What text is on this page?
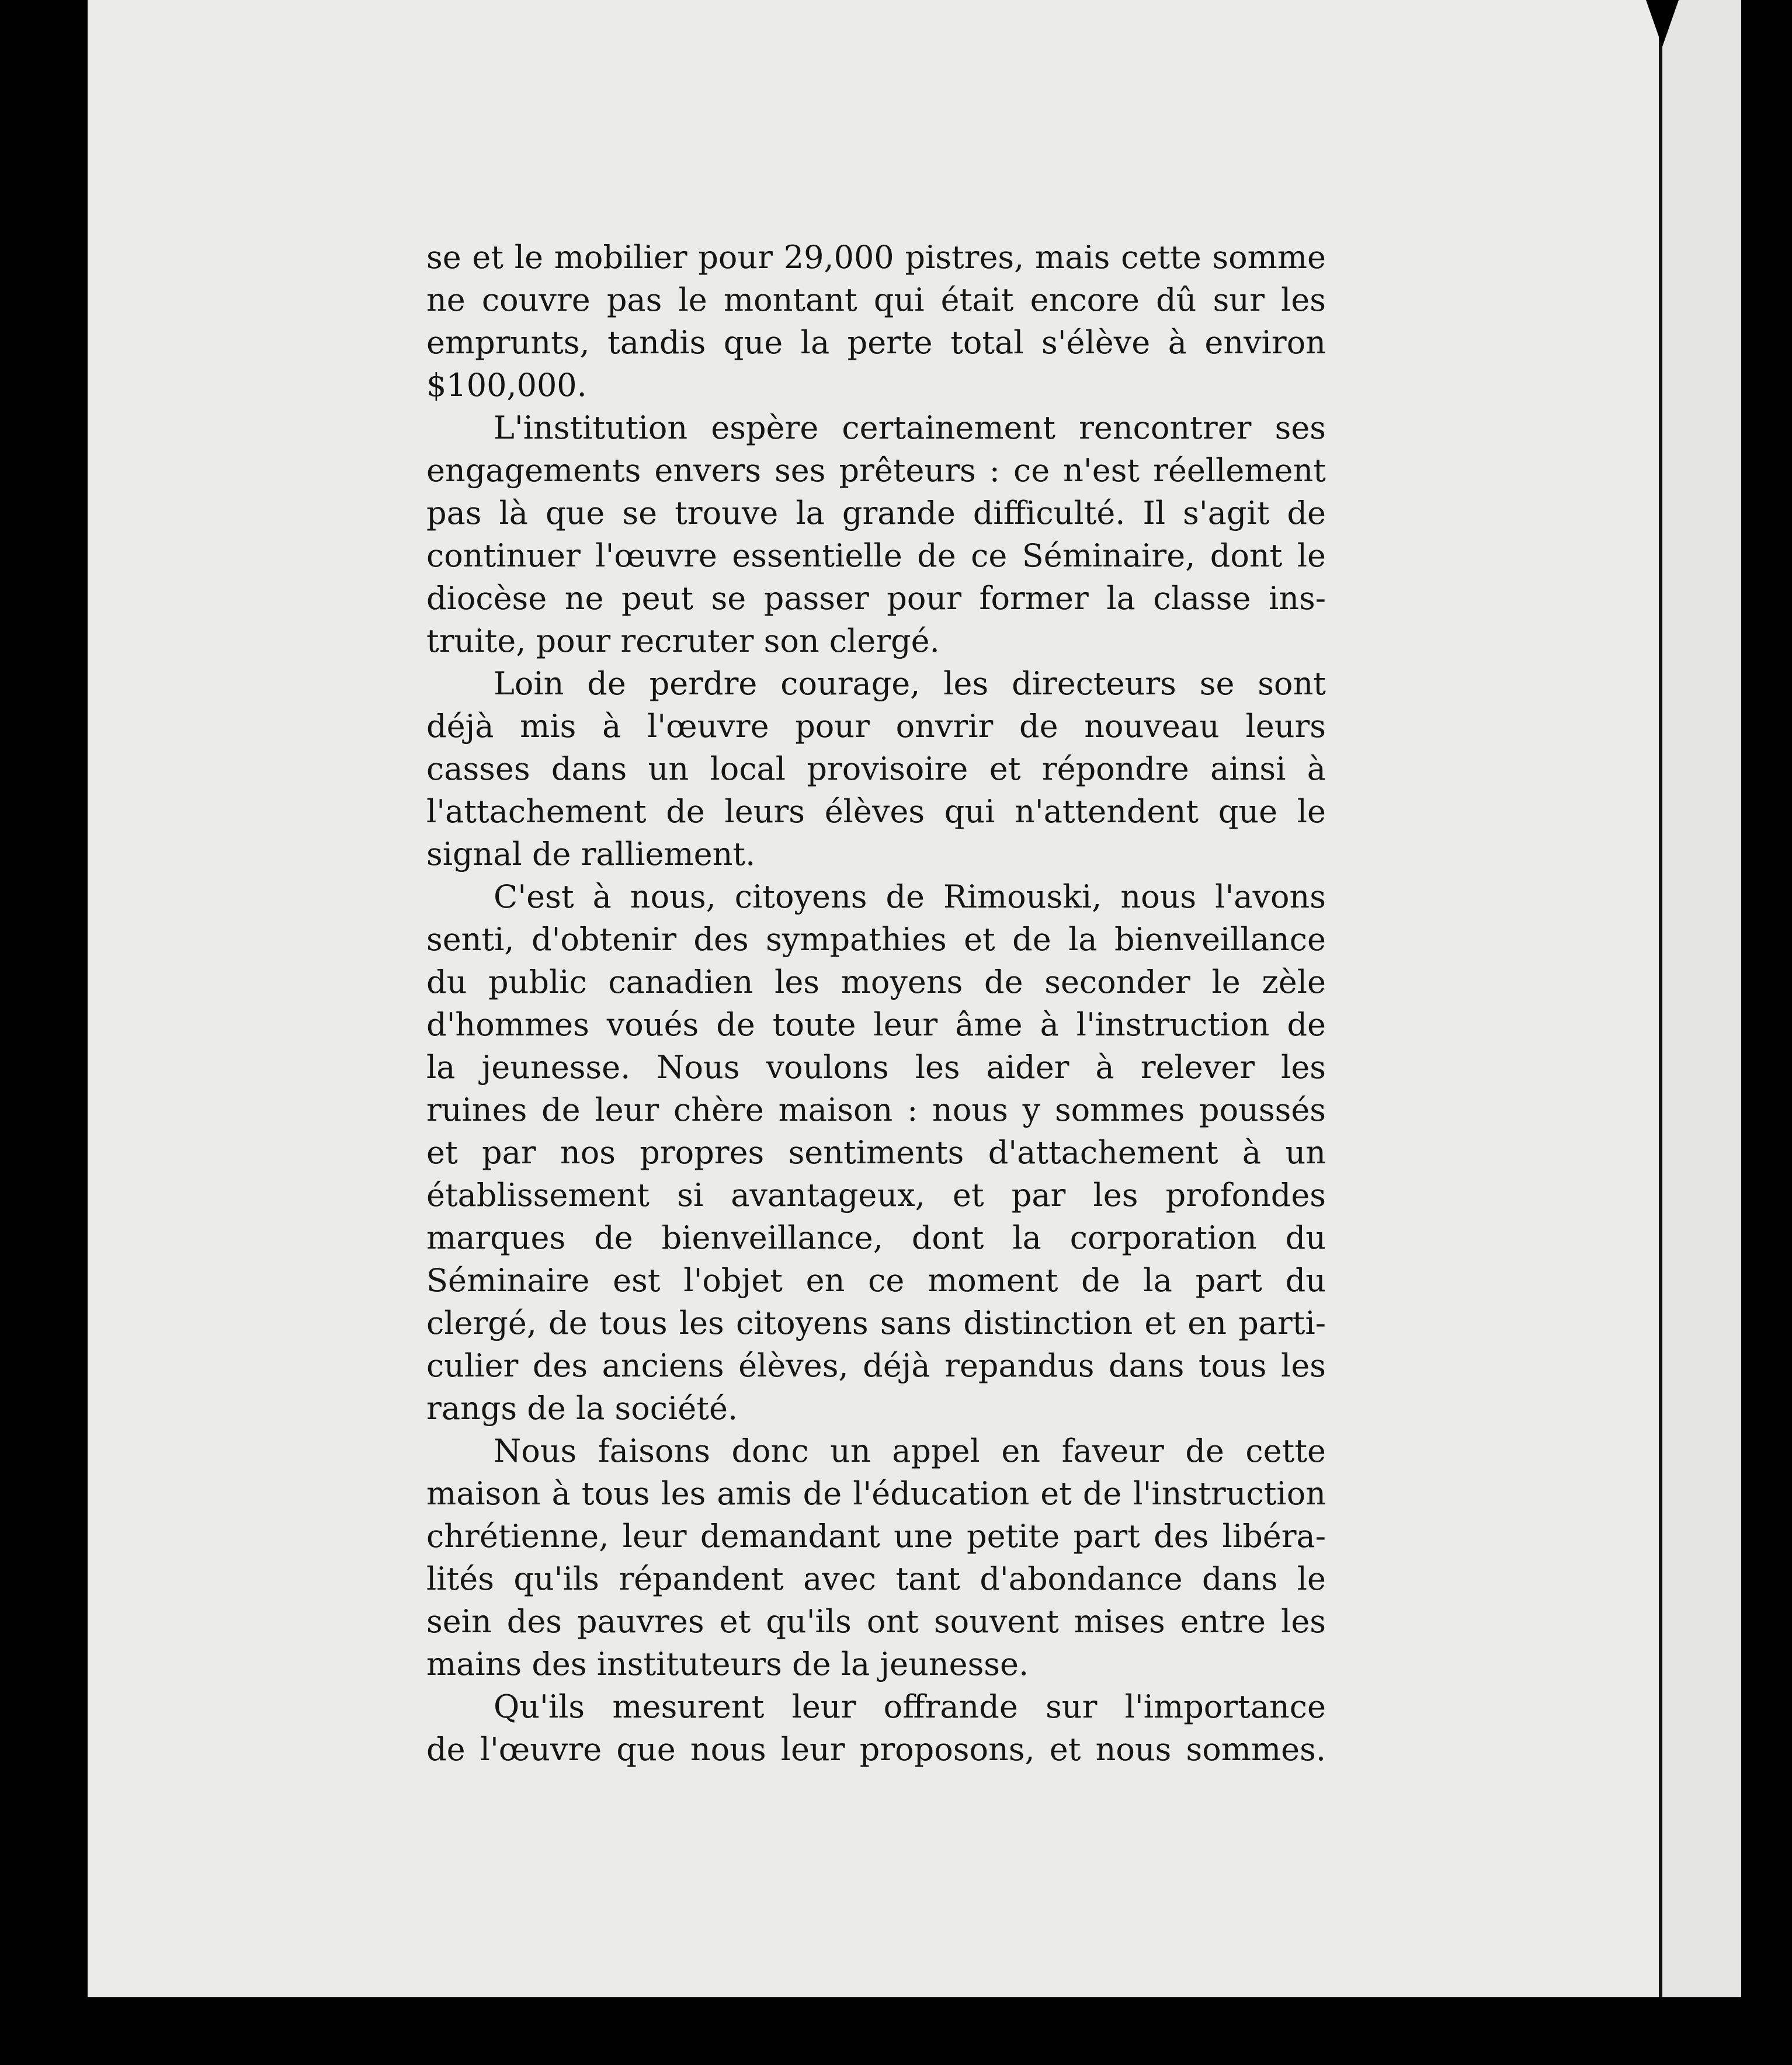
se et le mobilier pour 29,000 pistres, mais cette somme
ne couvre pas le montant qui était encore dû sur les
emprunts, tandis que la perte total s'élève à environ
$100,000.
L'institution espère certainement rencontrer ses
engagements envers ses prêteurs : ce n'est réellement
pas là que se trouve la grande difficulté. Il s'agit de
continuer l'œuvre essentielle de ce Séminaire, dont le
diocèse ne peut se passer pour former la classe ins-
truite, pour recruter son clergé.
Loin de perdre courage, les directeurs se sont
déjà mis à l'œuvre pour onvrir de nouveau leurs
casses dans un local provisoire et répondre ainsi à
l'attachement de leurs élèves qui n'attendent que le
signal de ralliement.
C'est à nous, citoyens de Rimouski, nous l'avons
senti, d'obtenir des sympathies et de la bienveillance
du public canadien les moyens de seconder le zèle
d'hommes voués de toute leur âme à l'instruction de
la jeunesse. Nous voulons les aider à relever les
ruines de leur chère maison : nous y sommes poussés
et par nos propres sentiments d'attachement à un
établissement si avantageux, et par les profondes
marques de bienveillance, dont la corporation du
Séminaire est l'objet en ce moment de la part du
clergé, de tous les citoyens sans distinction et en parti-
culier des anciens élèves, déjà repandus dans tous les
rangs de la société.
Nous faisons donc un appel en faveur de cette
maison à tous les amis de l'éducation et de l'instruction
chrétienne, leur demandant une petite part des libéra-
lités qu'ils répandent avec tant d'abondance dans le
sein des pauvres et qu'ils ont souvent mises entre les
mains des instituteurs de la jeunesse.
Qu'ils mesurent leur offrande sur l'importance
de l'œuvre que nous leur proposons, et nous sommes.
